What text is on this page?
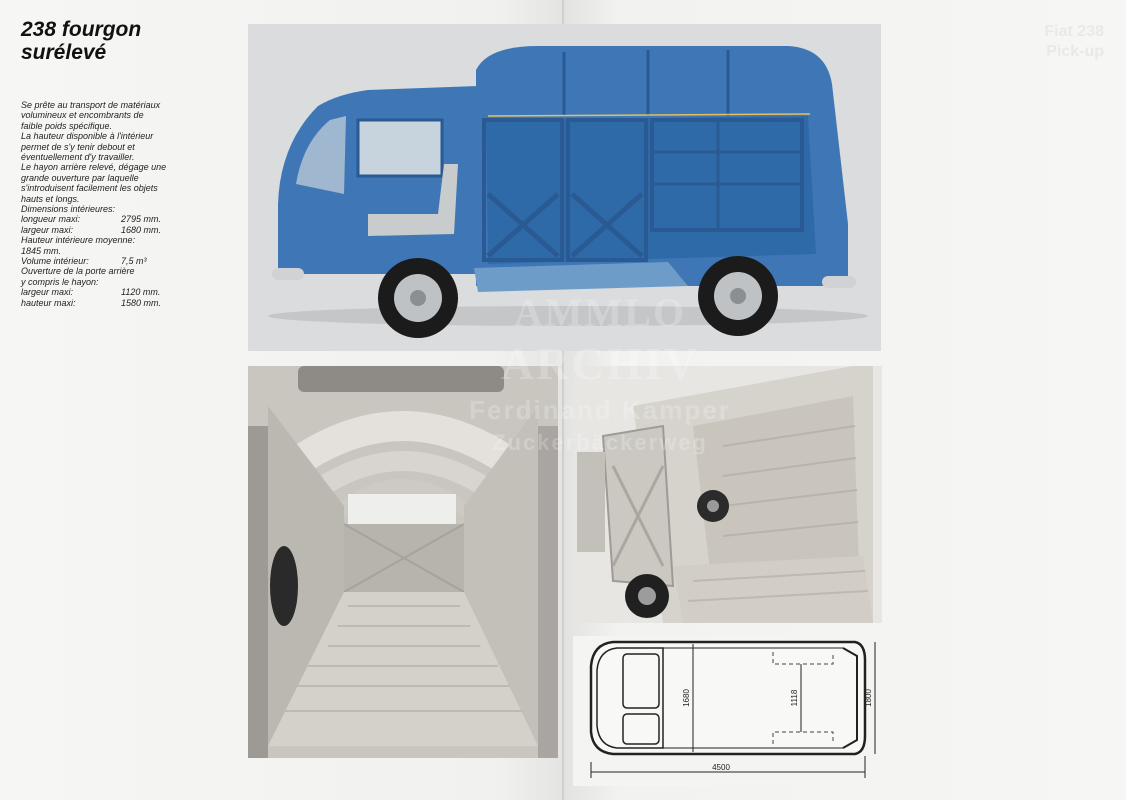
238 fourgon
surélevé
Se prête au transport de matériaux
volumineux et encombrants de
faible poids spécifique.
La hauteur disponible à l'intérieur
permet de s'y tenir debout et
éventuellement d'y travailler.
Le hayon arrière relevé, dégage une
grande ouverture par laquelle
s'introduisent facilement les objets
hauts et longs.
Dimensions intérieures:
longueur maxi:	2795 mm.
largeur maxi:	1680 mm.
Hauteur intérieure moyenne:
1845 mm.
Volume intérieur:	7,5 m³
Ouverture de la porte arrière
y compris le hayon:
largeur maxi:	1120 mm.
hauteur maxi:	1580 mm.
Fiat 238
Pick-up
1680	1118	1800
4500
AMMLO
ARCHIV
Ferdinand Kamper
Zuckerbäckerweg
